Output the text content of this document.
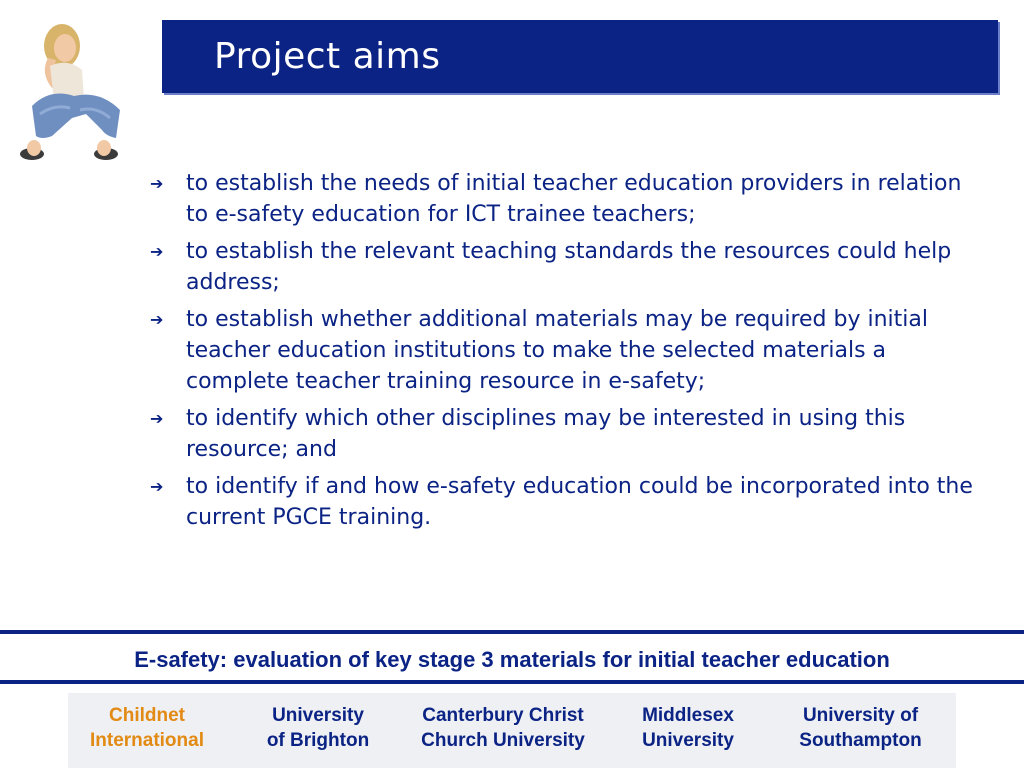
Project aims
➔	to establish the needs of initial teacher education providers in relation to e-safety education for ICT trainee teachers;
➔	to establish the relevant teaching standards the resources could help address;
➔	to establish whether additional materials may be required by initial teacher education institutions to make the selected materials a complete teacher training resource in e-safety;
➔	to identify which other disciplines may be interested in using this resource; and
➔	to identify if and how e-safety education could be incorporated into the current PGCE training.
E-safety: evaluation of key stage 3 materials for initial teacher education
Childnet
International
University
of Brighton
Canterbury Christ
Church University
Middlesex
University
University of
Southampton
